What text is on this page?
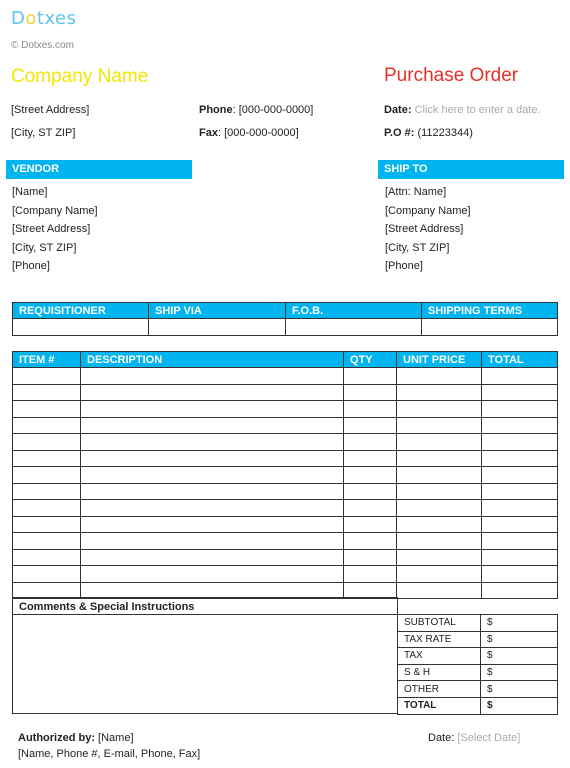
Dotxes
© Dotxes.com
Company Name	Purchase Order
[Street Address]
[City, ST ZIP]
Phone: [000-000-0000]
Fax: [000-000-0000]
Date: Click here to enter a date.
P.O #: (11223344)
VENDOR
[Name]
[Company Name]
[Street Address]
[City, ST ZIP]
[Phone]
SHIP TO
[Attn: Name]
[Company Name]
[Street Address]
[City, ST ZIP]
[Phone]
REQUISITIONER	SHIP VIA	F.O.B.	SHIPPING TERMS

ITEM #	DESCRIPTION	QTY	UNIT PRICE	TOTAL

Comments & Special Instructions
SUBTOTAL	$
TAX RATE	$
TAX	$
S & H	$
OTHER	$
TOTAL	$
Authorized by: [Name]
[Name, Phone #, E-mail, Phone, Fax]
Date: [Select Date]
